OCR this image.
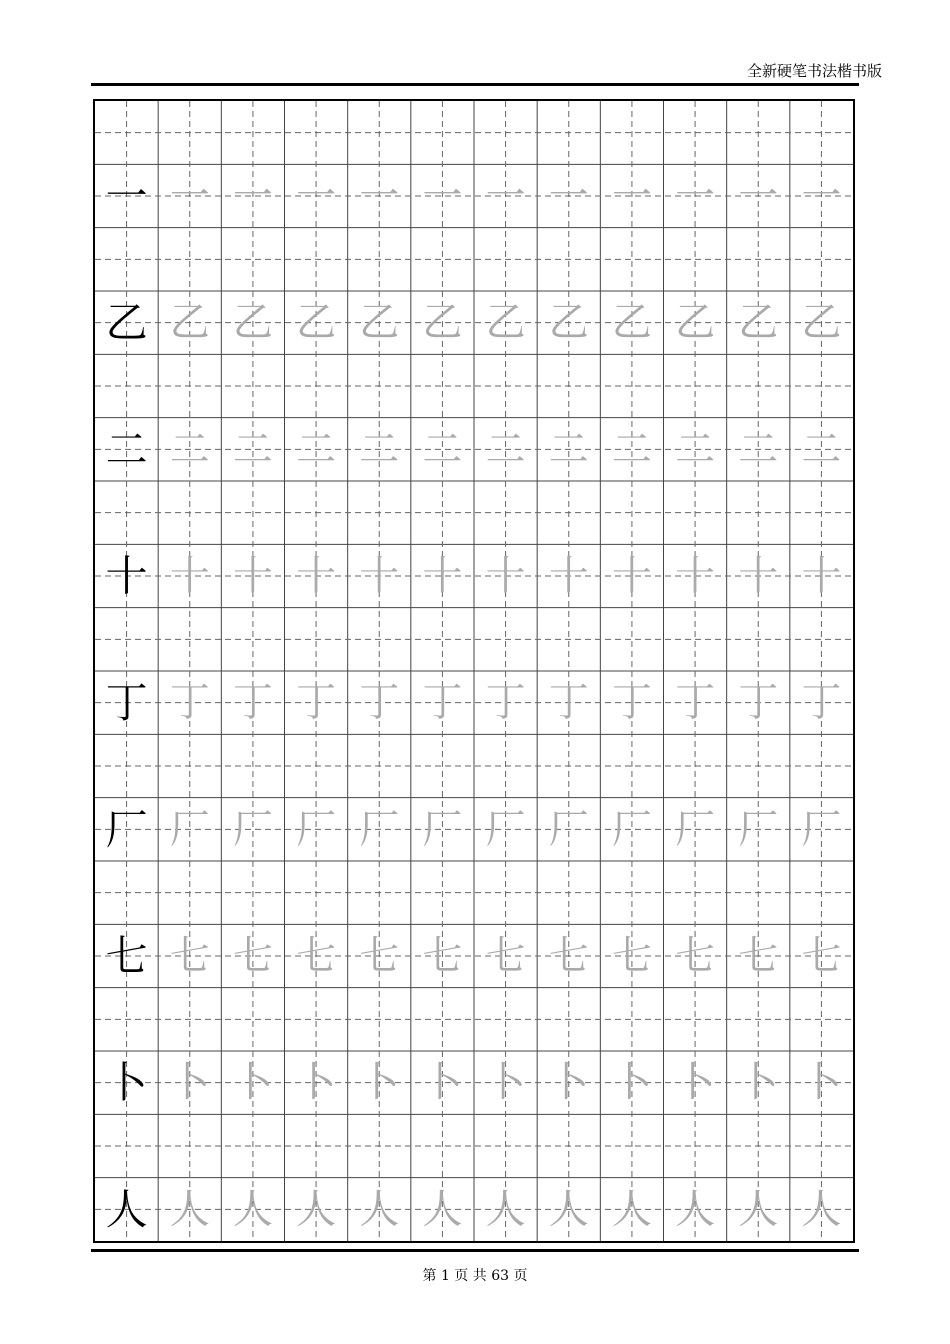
全新硬笔书法楷书版
一 一 一 一 一 一 一 一 一 一 一 一
乙 乙 乙 乙 乙 乙 乙 乙 乙 乙 乙 乙
二 二 二 二 二 二 二 二 二 二 二 二
十 十 十 十 十 十 十 十 十 十 十 十
丁 丁 丁 丁 丁 丁 丁 丁 丁 丁 丁 丁
厂 厂 厂 厂 厂 厂 厂 厂 厂 厂 厂 厂
七 七 七 七 七 七 七 七 七 七 七 七
卜 卜 卜 卜 卜 卜 卜 卜 卜 卜 卜 卜
人 人 人 人 人 人 人 人 人 人 人 人
第 1 页 共 63 页
